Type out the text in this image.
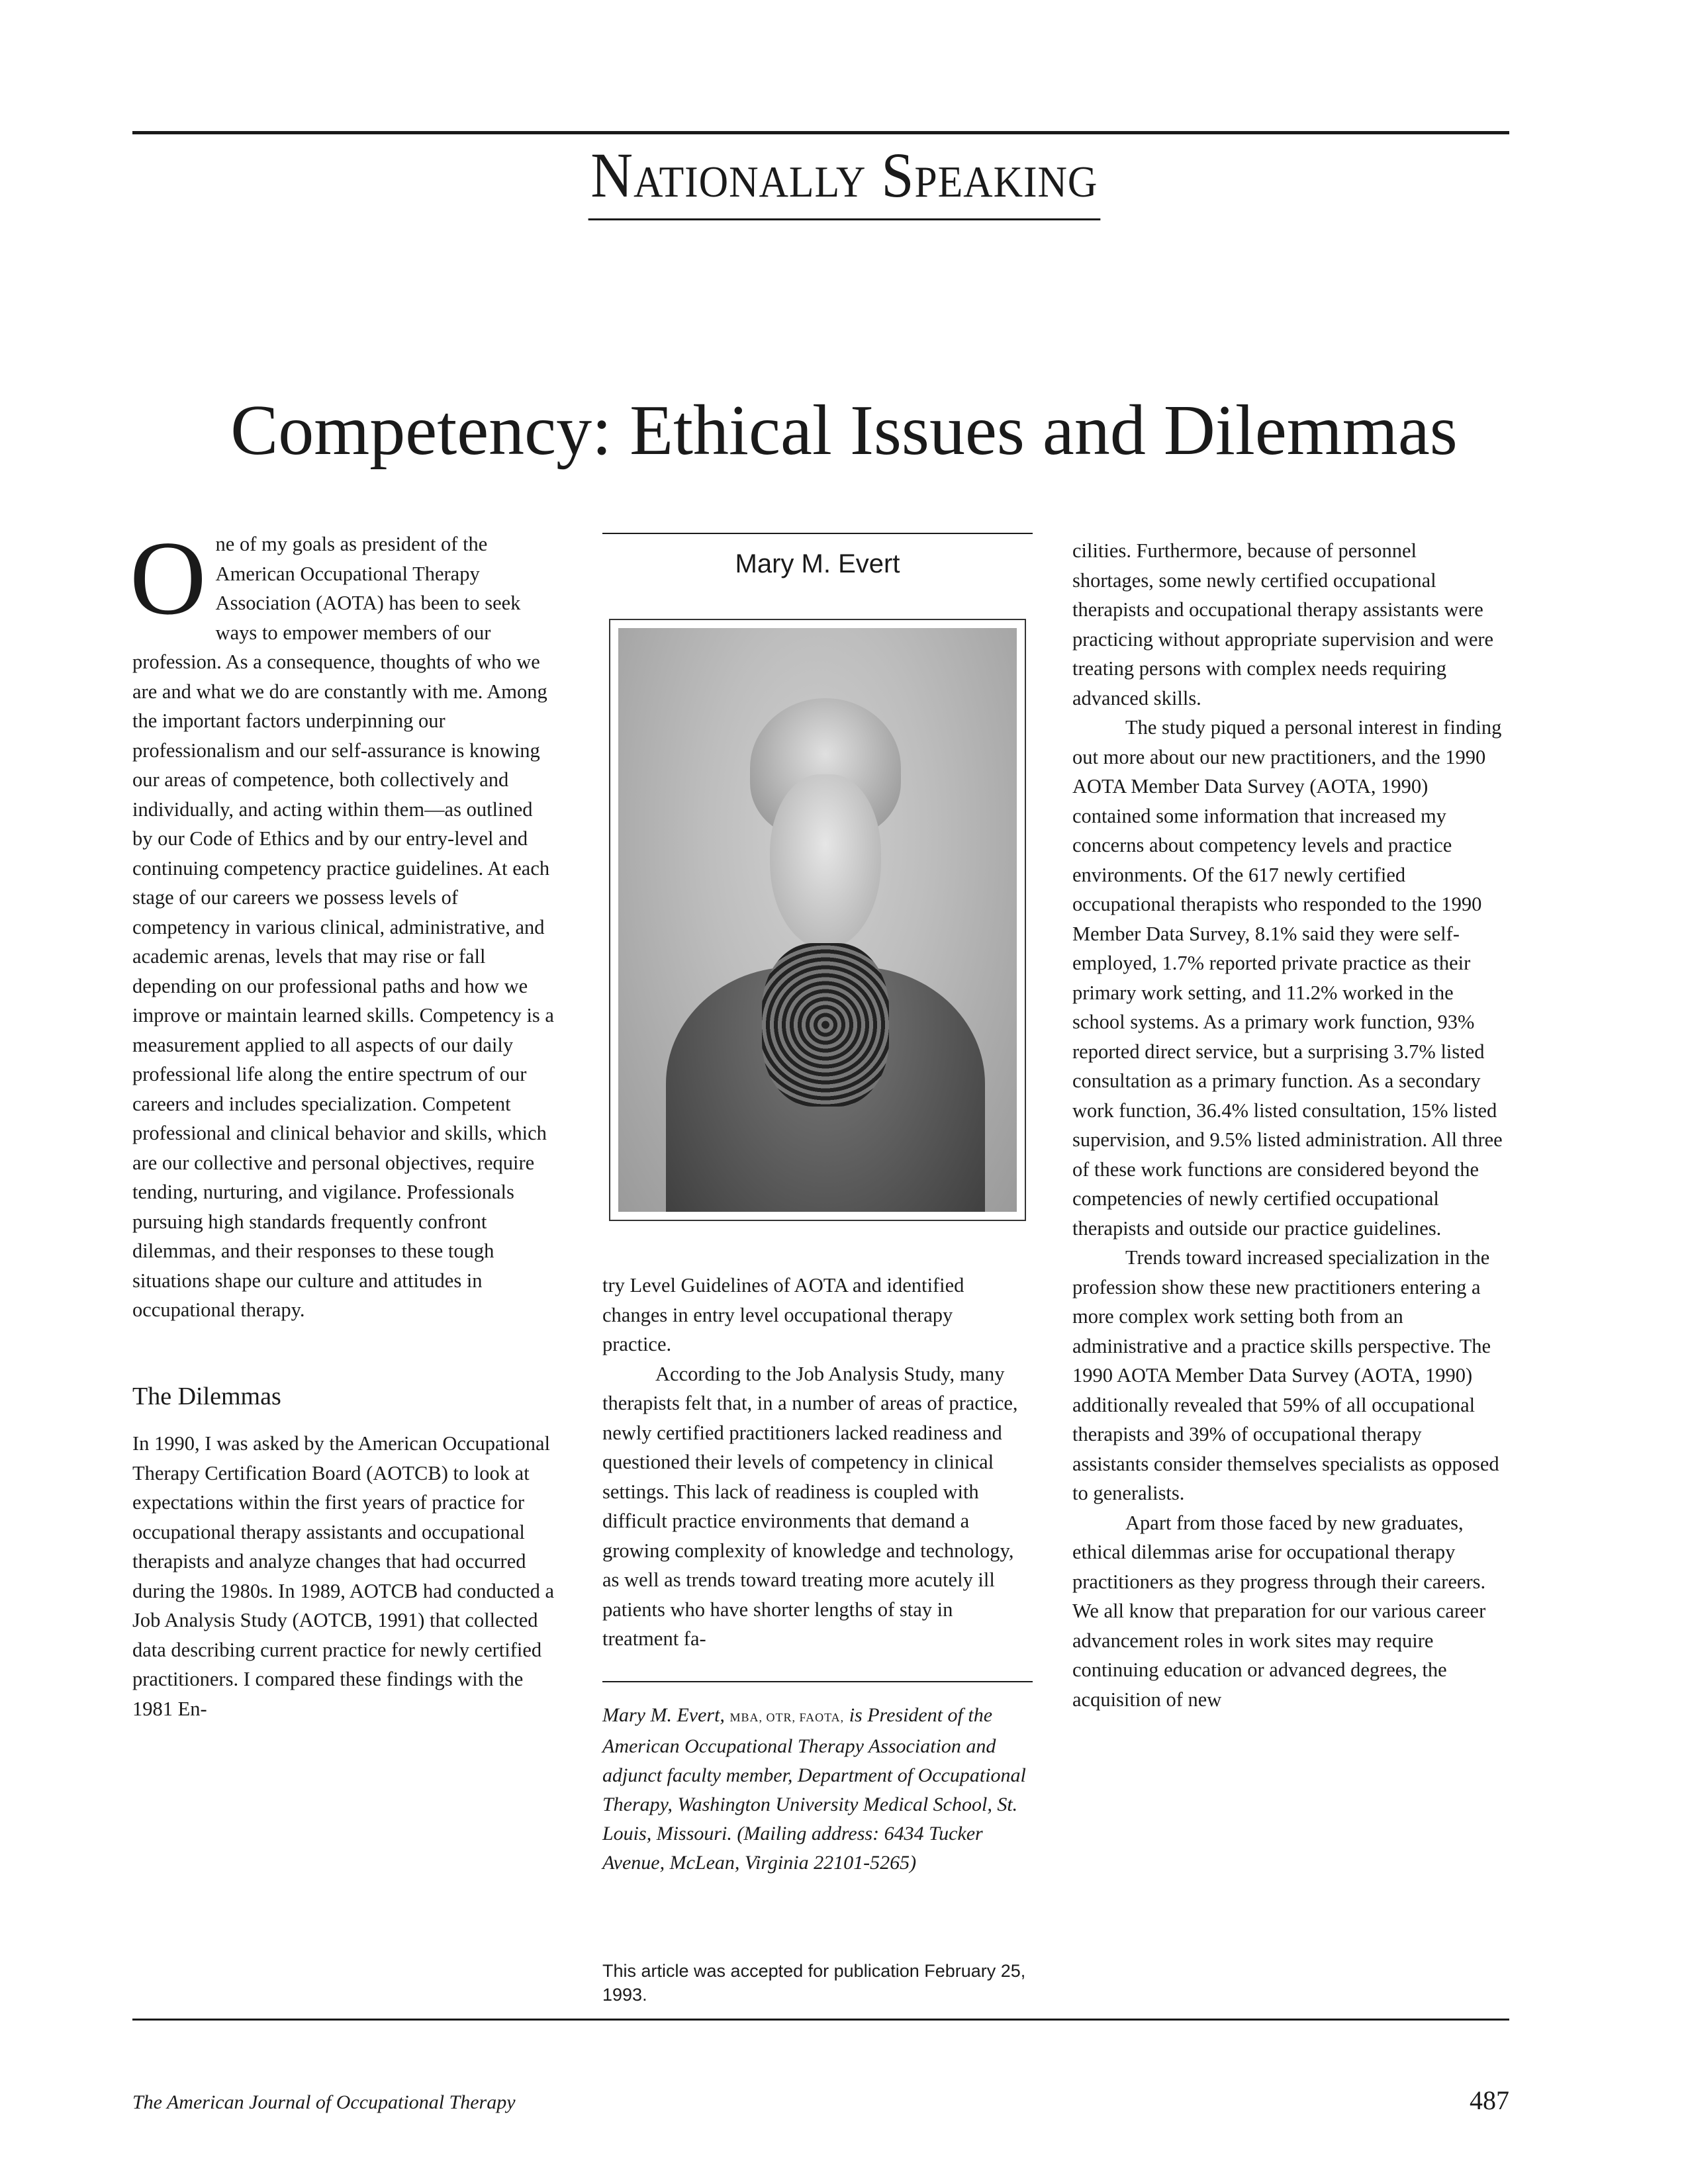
Nationally Speaking
Competency: Ethical Issues and Dilemmas

One of my goals as president of the American Occupational Therapy Association (AOTA) has been to seek ways to empower members of our profession. As a consequence, thoughts of who we are and what we do are constantly with me. Among the important factors underpinning our professionalism and our self-assurance is knowing our areas of competence, both collectively and individually, and acting within them—as outlined by our Code of Ethics and by our entry-level and continuing competency practice guidelines. At each stage of our careers we possess levels of competency in various clinical, administrative, and academic arenas, levels that may rise or fall depending on our professional paths and how we improve or maintain learned skills. Competency is a measurement applied to all aspects of our daily professional life along the entire spectrum of our careers and includes specialization. Competent professional and clinical behavior and skills, which are our collective and personal objectives, require tending, nurturing, and vigilance. Professionals pursuing high standards frequently confront dilemmas, and their responses to these tough situations shape our culture and attitudes in occupational therapy.

The Dilemmas

In 1990, I was asked by the American Occupational Therapy Certification Board (AOTCB) to look at expectations within the first years of practice for occupational therapy assistants and occupational therapists and analyze changes that had occurred during the 1980s. In 1989, AOTCB had conducted a Job Analysis Study (AOTCB, 1991) that collected data describing current practice for newly certified practitioners. I compared these findings with the 1981 En-

Mary M. Evert

try Level Guidelines of AOTA and identified changes in entry level occupational therapy practice.

According to the Job Analysis Study, many therapists felt that, in a number of areas of practice, newly certified practitioners lacked readiness and questioned their levels of competency in clinical settings. This lack of readiness is coupled with difficult practice environments that demand a growing complexity of knowledge and technology, as well as trends toward treating more acutely ill patients who have shorter lengths of stay in treatment fa-

Mary M. Evert, MBA, OTR, FAOTA, is President of the American Occupational Therapy Association and adjunct faculty member, Department of Occupational Therapy, Washington University Medical School, St. Louis, Missouri. (Mailing address: 6434 Tucker Avenue, McLean, Virginia 22101-5265)
This article was accepted for publication February 25, 1993.

cilities. Furthermore, because of personnel shortages, some newly certified occupational therapists and occupational therapy assistants were practicing without appropriate supervision and were treating persons with complex needs requiring advanced skills.

The study piqued a personal interest in finding out more about our new practitioners, and the 1990 AOTA Member Data Survey (AOTA, 1990) contained some information that increased my concerns about competency levels and practice environments. Of the 617 newly certified occupational therapists who responded to the 1990 Member Data Survey, 8.1% said they were self-employed, 1.7% reported private practice as their primary work setting, and 11.2% worked in the school systems. As a primary work function, 93% reported direct service, but a surprising 3.7% listed consultation as a primary function. As a secondary work function, 36.4% listed consultation, 15% listed supervision, and 9.5% listed administration. All three of these work functions are considered beyond the competencies of newly certified occupational therapists and outside our practice guidelines.

Trends toward increased specialization in the profession show these new practitioners entering a more complex work setting both from an administrative and a practice skills perspective. The 1990 AOTA Member Data Survey (AOTA, 1990) additionally revealed that 59% of all occupational therapists and 39% of occupational therapy assistants consider themselves specialists as opposed to generalists.

Apart from those faced by new graduates, ethical dilemmas arise for occupational therapy practitioners as they progress through their careers. We all know that preparation for our various career advancement roles in work sites may require continuing education or advanced degrees, the acquisition of new

The American Journal of Occupational Therapy	487
